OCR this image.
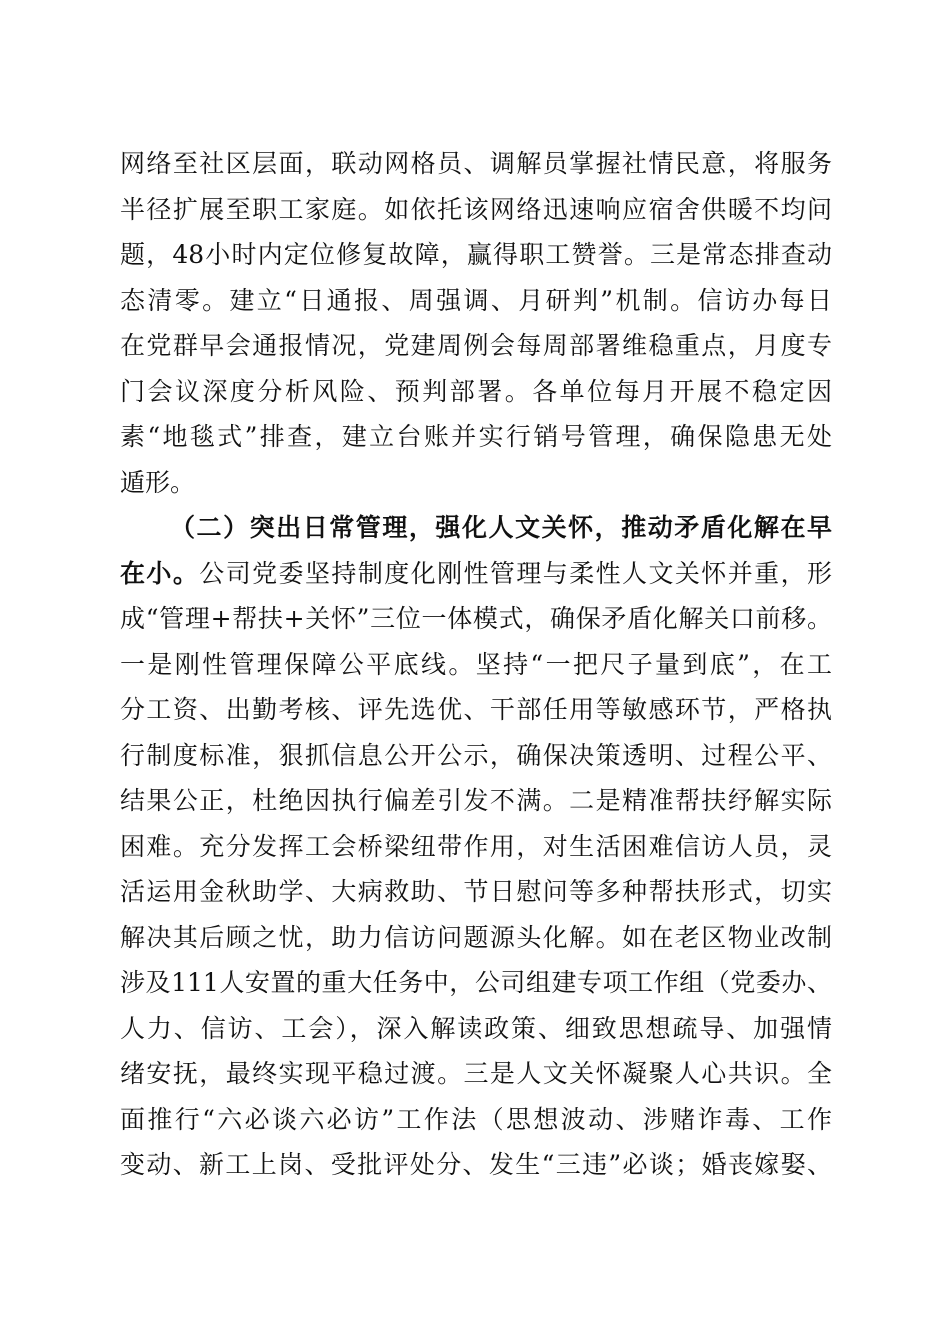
网络至社区层面，联动网格员、调解员掌握社情民意，将服务
半径扩展至职工家庭。如依托该网络迅速响应宿舍供暖不均问
题，48小时内定位修复故障，赢得职工赞誉。三是常态排查动
态清零。建立“日通报、周强调、月研判”机制。信访办每日
在党群早会通报情况，党建周例会每周部署维稳重点，月度专
门会议深度分析风险、预判部署。各单位每月开展不稳定因
素“地毯式”排查，建立台账并实行销号管理，确保隐患无处
遁形。
（二）突出日常管理，强化人文关怀，推动矛盾化解在早
在小。公司党委坚持制度化刚性管理与柔性人文关怀并重，形
成“管理+帮扶+关怀”三位一体模式，确保矛盾化解关口前移。
一是刚性管理保障公平底线。坚持“一把尺子量到底”，在工
分工资、出勤考核、评先选优、干部任用等敏感环节，严格执
行制度标准，狠抓信息公开公示，确保决策透明、过程公平、
结果公正，杜绝因执行偏差引发不满。二是精准帮扶纾解实际
困难。充分发挥工会桥梁纽带作用，对生活困难信访人员，灵
活运用金秋助学、大病救助、节日慰问等多种帮扶形式，切实
解决其后顾之忧，助力信访问题源头化解。如在老区物业改制
涉及111人安置的重大任务中，公司组建专项工作组（党委办、
人力、信访、工会），深入解读政策、细致思想疏导、加强情
绪安抚，最终实现平稳过渡。三是人文关怀凝聚人心共识。全
面推行“六必谈六必访”工作法（思想波动、涉赌诈毒、工作
变动、新工上岗、受批评处分、发生“三违”必谈；婚丧嫁娶、
